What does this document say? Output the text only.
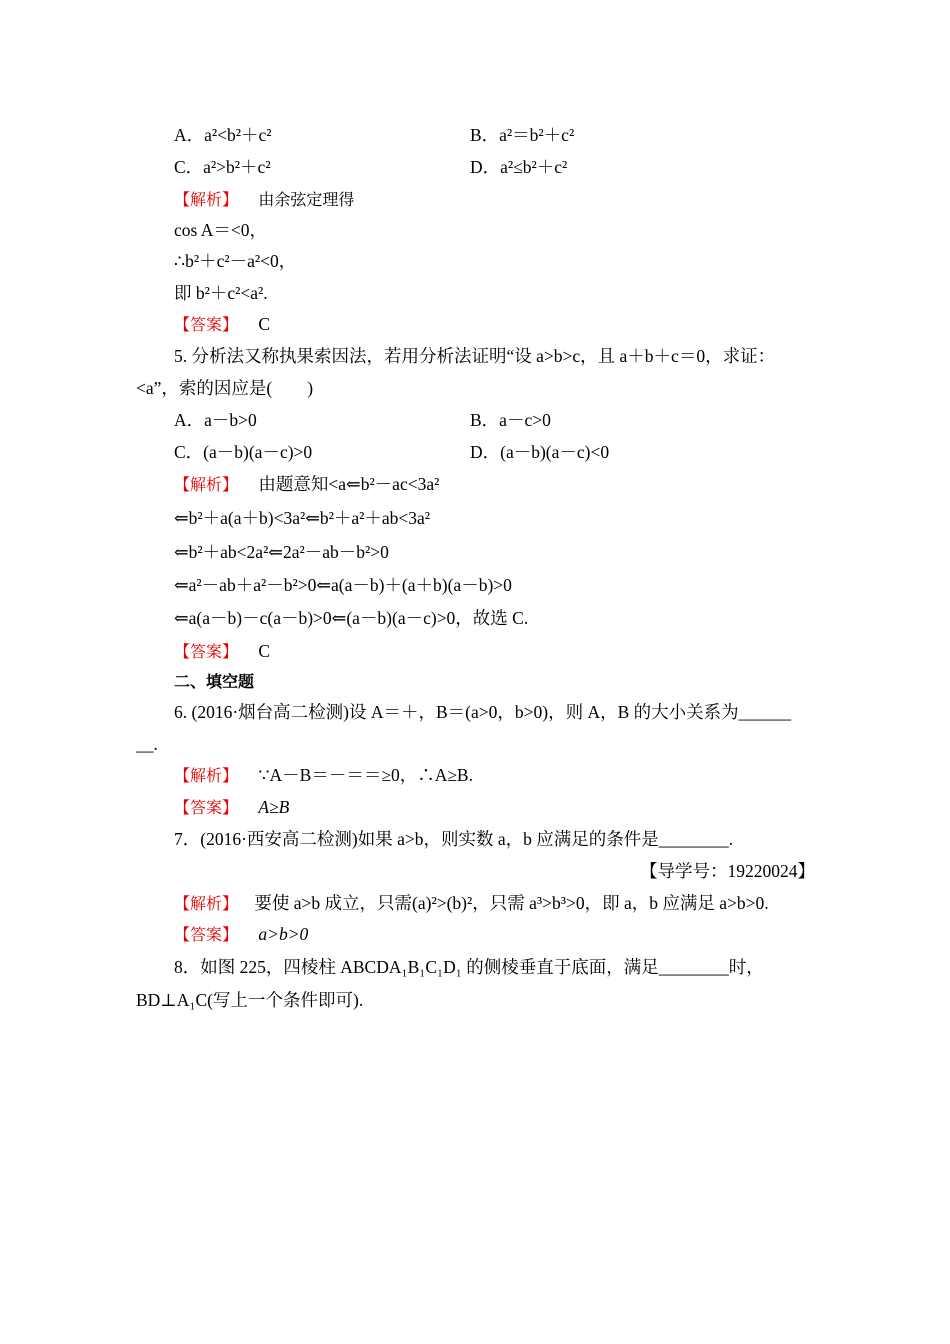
A．a²<b²＋c²	B．a²＝b²＋c²
C．a²>b²＋c²	D．a²≤b²＋c²
【解析】 由余弦定理得
cos A＝<0，
∴b²＋c²－a²<0，
即 b²＋c²<a².
【答案】 C
5. 分析法又称执果索因法，若用分析法证明“设 a>b>c，且 a＋b＋c＝0，求证：
<a”，索的因应是(　　)
A．a－b>0	B．a－c>0
C．(a－b)(a－c)>0	D．(a－b)(a－c)<0
【解析】 由题意知<a⇐b²－ac<3a²
⇐b²＋a(a＋b)<3a²⇐b²＋a²＋ab<3a²
⇐b²＋ab<2a²⇐2a²－ab－b²>0
⇐a²－ab＋a²－b²>0⇐a(a－b)＋(a＋b)(a－b)>0
⇐a(a－b)－c(a－b)>0⇐(a－b)(a－c)>0，故选 C.
【答案】 C
二、填空题
6. (2016·烟台高二检测)设 A＝＋，B＝(a>0，b>0)，则 A，B 的大小关系为______
__.
【解析】 ∵A－B＝－＝＝≥0，∴A≥B.
【答案】 A≥B
7．(2016·西安高二检测)如果 a>b，则实数 a，b 应满足的条件是________.
【导学号：19220024】
【解析】 要使 a>b 成立，只需(a)²>(b)²，只需 a³>b³>0，即 a，b 应满足 a>b>0.
【答案】 a>b>0
8．如图 225，四棱柱 ABCDA₁B₁C₁D₁ 的侧棱垂直于底面，满足________时，
BD⊥A₁C(写上一个条件即可).
